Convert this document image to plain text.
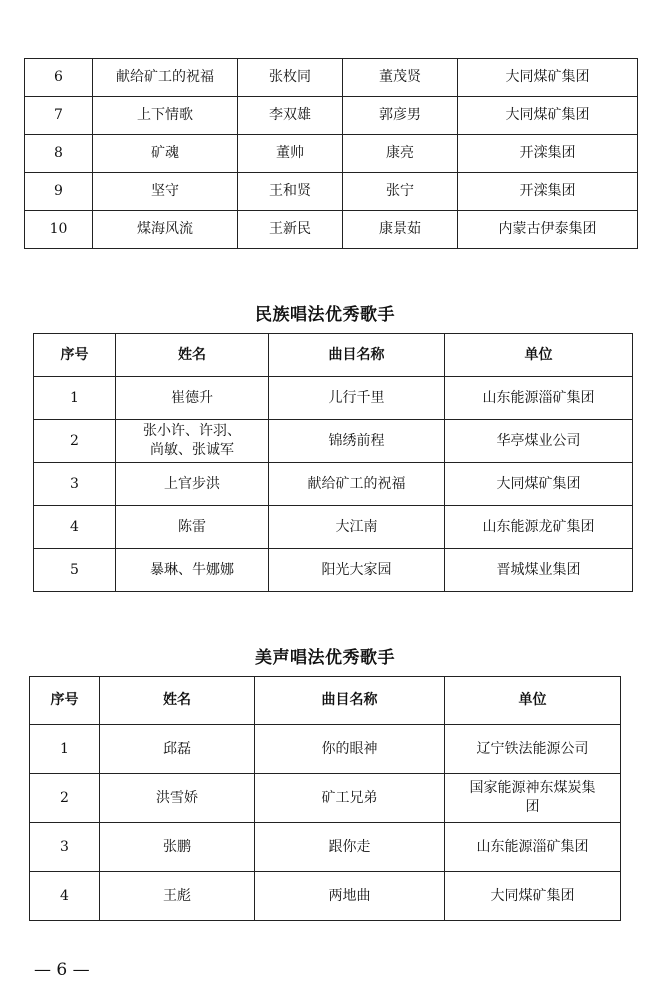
6	献给矿工的祝福	张枚同	董茂贤	大同煤矿集团
7	上下情歌	李双雄	郭彦男	大同煤矿集团
8	矿魂	董帅	康亮	开滦集团
9	坚守	王和贤	张宁	开滦集团
10	煤海风流	王新民	康景茹	内蒙古伊泰集团
民族唱法优秀歌手
序号	姓名	曲目名称	单位
1	崔德升	儿行千里	山东能源淄矿集团
2	张小许、许羽、
尚敏、张诚军	锦绣前程	华亭煤业公司
3	上官步洪	献给矿工的祝福	大同煤矿集团
4	陈雷	大江南	山东能源龙矿集团
5	暴琳、牛娜娜	阳光大家园	晋城煤业集团
美声唱法优秀歌手
序号	姓名	曲目名称	单位
1	邱磊	你的眼神	辽宁铁法能源公司
2	洪雪娇	矿工兄弟	国家能源神东煤炭集
团
3	张鹏	跟你走	山东能源淄矿集团
4	王彪	两地曲	大同煤矿集团
— 6 —
